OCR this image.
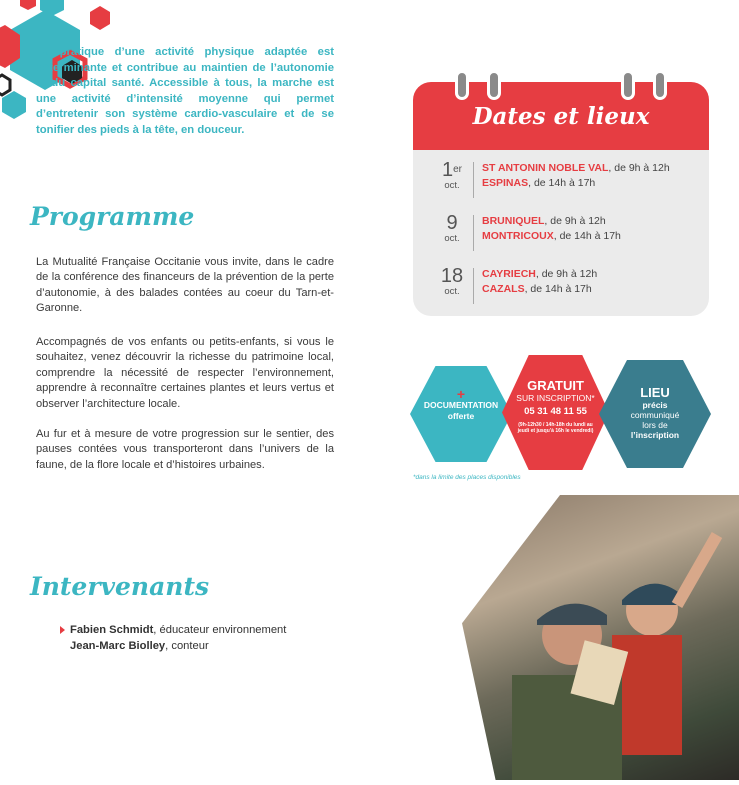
La pratique d’une activité physique adaptée est déterminante et contribue au maintien de l’autonomie et du capital santé. Accessible à tous, la marche est une activité d’intensité moyenne qui permet d’entretenir son système cardio-vasculaire et de se tonifier des pieds à la tête, en douceur.

Programme

La Mutualité Française Occitanie vous invite, dans le cadre de la conférence des financeurs de la prévention de la perte d’autonomie, à des balades contées au coeur du Tarn-et-Garonne.

Accompagnés de vos enfants ou petits-enfants, si vous le souhaitez, venez découvrir la richesse du patrimoine local, comprendre la nécessité de respecter l’environnement, apprendre à reconnaître certaines plantes et leurs vertus et observer l’architecture locale.

Au fur et à mesure de votre progression sur le sentier, des pauses contées vous transporteront dans l’univers de la faune, de la flore locale et d’histoires urbaines.

Dates et lieux
1er
oct.
ST ANTONIN NOBLE VAL, de 9h à 12h
ESPINAS, de 14h à 17h
9
oct.
BRUNIQUEL, de 9h à 12h
MONTRICOUX, de 14h à 17h
18
oct.
CAYRIECH, de 9h à 12h
CAZALS, de 14h à 17h
+
DOCUMENTATION
offerte
GRATUIT
SUR INSCRIPTION*
05 31 48 11 55
(9h-12h30 / 14h-18h du lundi au jeudi et jusqu’à 16h le vendredi)
LIEU
précis
communiqué
lors de
l’inscription
*dans la limite des places disponibles
Intervenants
Fabien Schmidt, éducateur environnement
Jean-Marc Biolley, conteur
